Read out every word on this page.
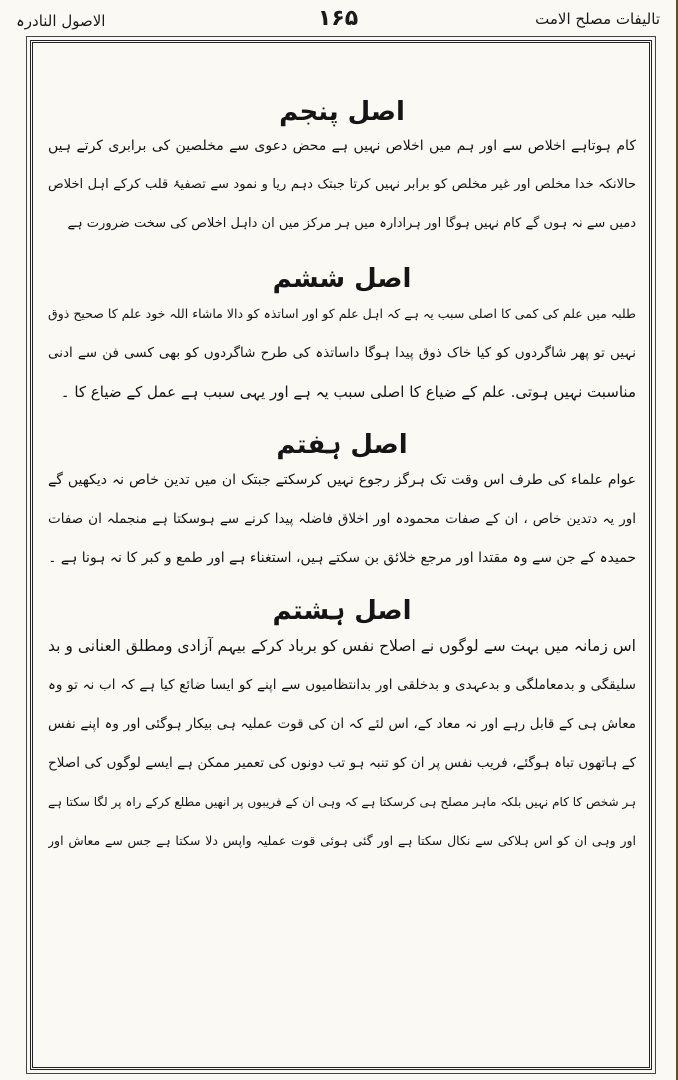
تالیفات مصلح الامت
۱۶۵
الاصول النادرہ
اصل پنجم
کام ہوتاہے اخلاص سے اور ہم میں اخلاص نہیں ہے محض دعوی سے مخلصین کی برابری کرتے ہیں
حالانکہ خدا مخلص اور غیر مخلص کو برابر نہیں کرتا جبتک دہم ریا و نمود سے تصفیۂ قلب کرکے اہل اخلاص
دمیں سے نہ ہوں گے کام نہیں ہوگا اور ہرادارہ میں ہر مرکز میں ان داہل اخلاص کی سخت ضرورت ہے
اصل ششم
طلبہ میں علم کی کمی کا اصلی سبب یہ ہے کہ اہل علم کو اور اساتذہ کو دالا ماشاء اللہ خود علم کا صحیح ذوق
نہیں تو پھر شاگردوں کو کیا خاک ذوق پیدا ہوگا داساتذہ کی طرح شاگردوں کو بھی کسی فن سے ادنی
مناسبت نہیں ہوتی. علم کے ضیاع کا اصلی سبب یہ ہے اور یہی سبب ہے عمل کے ضیاع کا ۔
اصل ہفتم
عوام علماء کی طرف اس وقت تک ہرگز رجوع نہیں کرسکتے جبتک ان میں تدین خاص نہ دیکھیں گے
اور یہ دتدین خاص ، ان کے صفات محمودہ اور اخلاق فاضلہ پیدا کرنے سے ہوسکتا ہے منجملہ ان صفات
حمیدہ کے جن سے وہ مقتدا اور مرجع خلائق بن سکتے ہیں، استغناء ہے اور طمع و کبر کا نہ ہونا ہے ۔
اصل ہشتم
اس زمانہ میں بہت سے لوگوں نے اصلاح نفس کو برباد کرکے بیہم آزادی ومطلق العنانی و بد
سلیقگی و بدمعاملگی و بدعہدی و بدخلقی اور بدانتظامیوں سے اپنے کو ایسا ضائع کیا ہے کہ اب نہ تو وہ
معاش ہی کے قابل رہے اور نہ معاد کے، اس لئے کہ ان کی قوت عملیہ ہی بیکار ہوگئی اور وہ اپنے نفس
کے ہاتھوں تباہ ہوگئے، فریب نفس پر ان کو تنبہ ہو تب دونوں کی تعمیر ممکن ہے ایسے لوگوں کی اصلاح
ہر شخص کا کام نہیں بلکہ ماہر مصلح ہی کرسکتا ہے کہ وہی ان کے فریبوں پر انھیں مطلع کرکے راہ پر لگا سکتا ہے
اور وہی ان کو اس ہلاکی سے نکال سکتا ہے اور گئی ہوئی قوت عملیہ واپس دلا سکتا ہے جس سے معاش اور
